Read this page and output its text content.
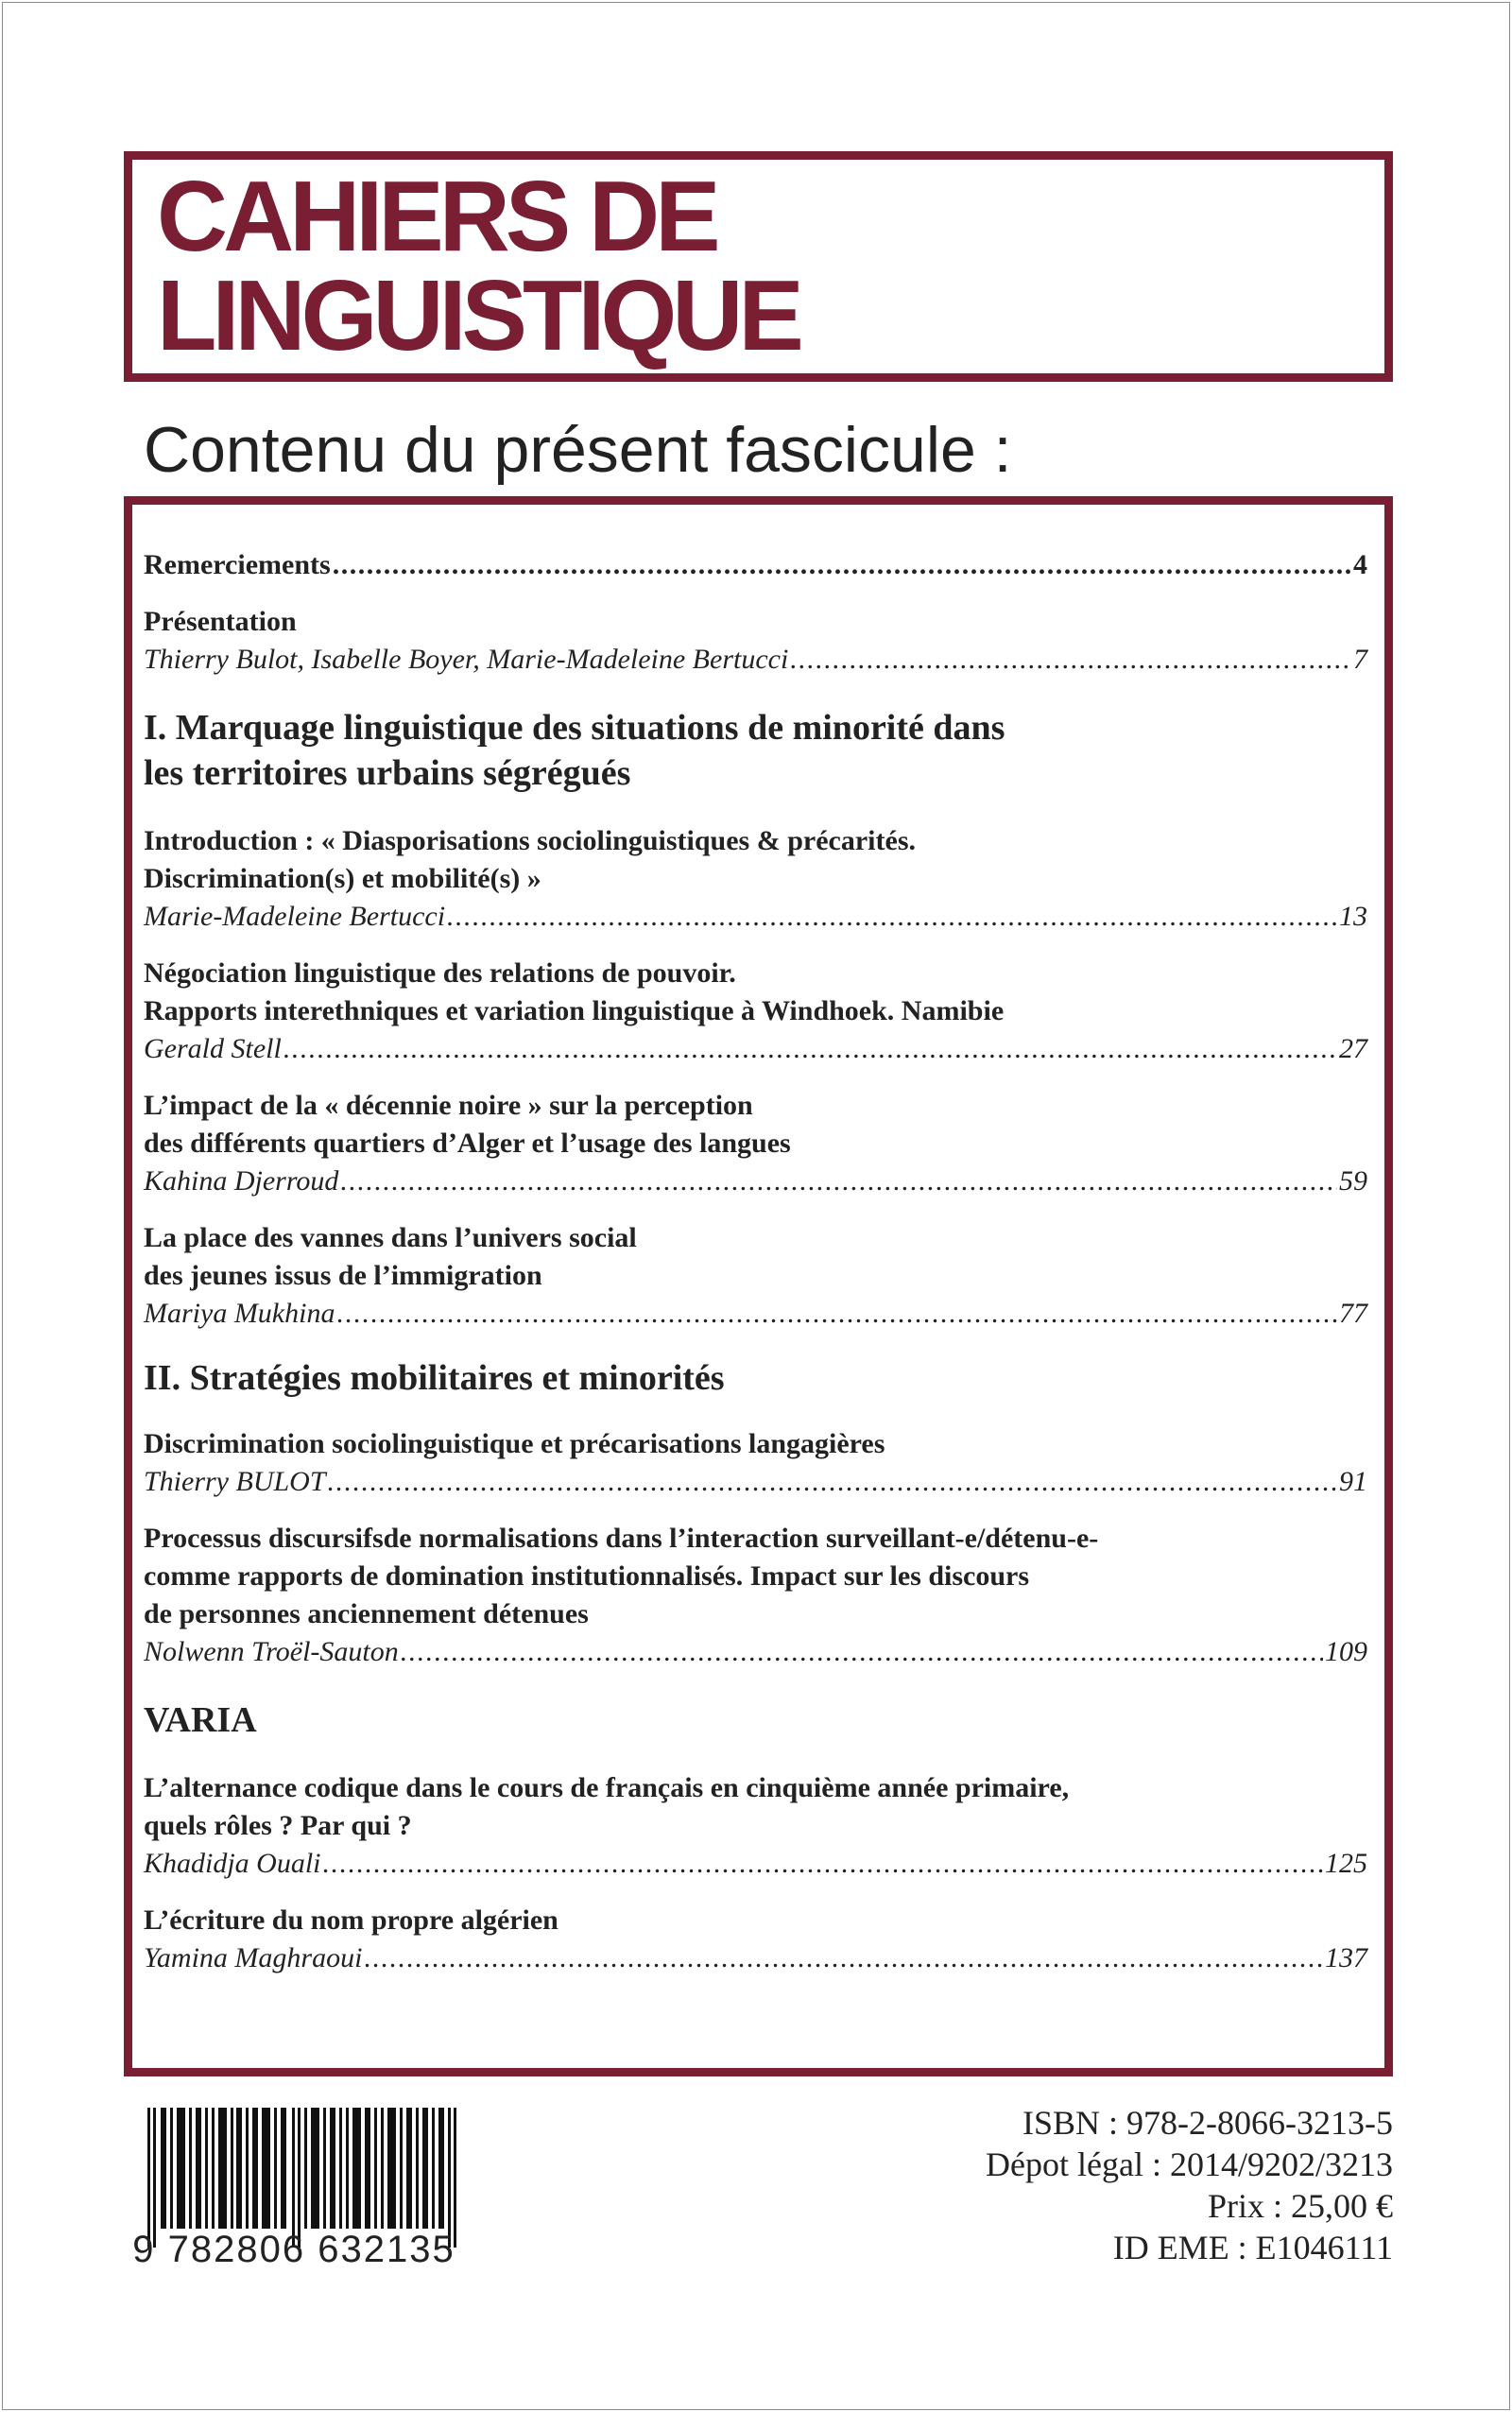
CAHIERS DE
LINGUISTIQUE
Contenu du présent fascicule :
Remerciements . . .	4
Présentation
Thierry Bulot, Isabelle Boyer, Marie-Madeleine Bertucci . . .	7
I. Marquage linguistique des situations de minorité dans
les territoires urbains ségrégués
Introduction : « Diasporisations sociolinguistiques & précarités.
Discrimination(s) et mobilité(s) »
Marie-Madeleine Bertucci . . .	13
Négociation linguistique des relations de pouvoir.
Rapports interethniques et variation linguistique à Windhoek. Namibie
Gerald Stell . . .	27
L’impact de la « décennie noire » sur la perception
des différents quartiers d’Alger et l’usage des langues
Kahina Djerroud . . .	59
La place des vannes dans l’univers social
des jeunes issus de l’immigration
Mariya Mukhina . . .	77
II. Stratégies mobilitaires et minorités
Discrimination sociolinguistique et précarisations langagières
Thierry BULOT . . .	91
Processus discursifsde normalisations dans l’interaction surveillant-e/détenu-e-
comme rapports de domination institutionnalisés. Impact sur les discours
de personnes anciennement détenues
Nolwenn Troël-Sauton . . .	109
VARIA
L’alternance codique dans le cours de français en cinquième année primaire,
quels rôles ? Par qui ?
Khadidja Ouali . . .	125
L’écriture du nom propre algérien
Yamina Maghraoui . . .	137
9 782806 632135
ISBN : 978-2-8066-3213-5
Dépot légal : 2014/9202/3213
Prix : 25,00 €
ID EME : E1046111
